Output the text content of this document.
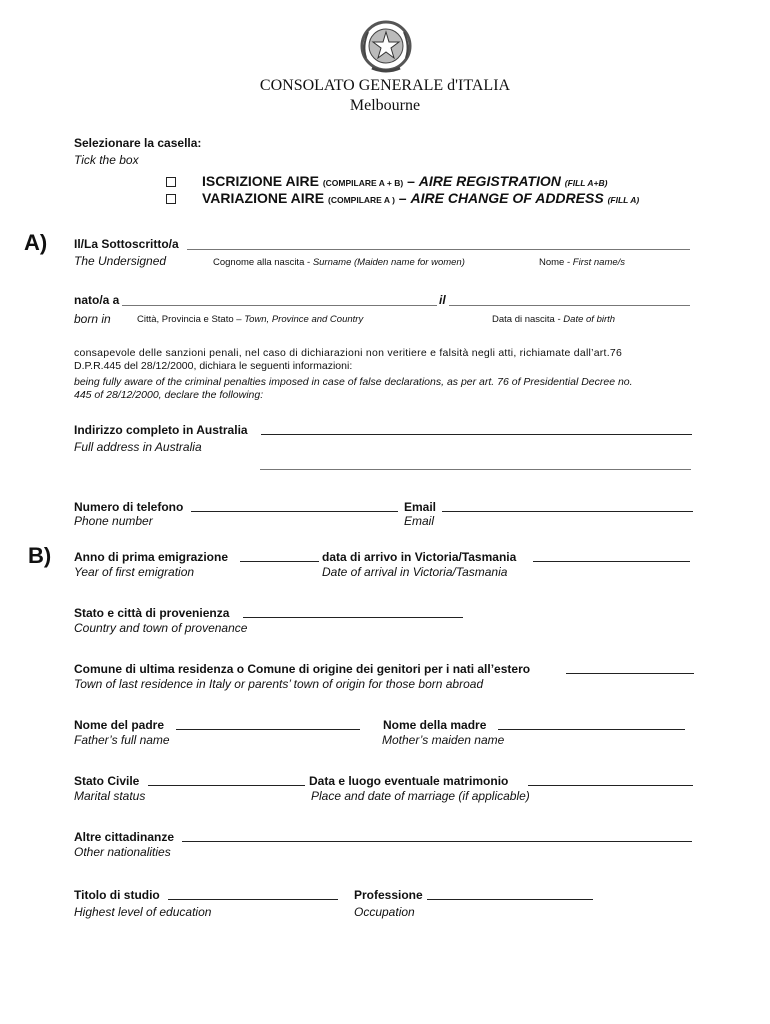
CONSOLATO GENERALE d'ITALIA
Melbourne
Selezionare la casella:
Tick the box
ISCRIZIONE AIRE (COMPILARE A + B) – AIRE REGISTRATION (FILL A+B)
VARIAZIONE AIRE (COMPILARE A ) – AIRE CHANGE OF ADDRESS (FILL A)
A) Il/La Sottoscritto/a
The Undersigned	Cognome alla nascita - Surname (Maiden name for women)	Nome - First name/s
nato/a a	il
born in	Città, Provincia e Stato – Town, Province and Country	Data di nascita - Date of birth
consapevole delle sanzioni penali, nel caso di dichiarazioni non veritiere e falsità negli atti, richiamate dall’art.76
D.P.R.445 del 28/12/2000, dichiara le seguenti informazioni:
being fully aware of the criminal penalties imposed in case of false declarations, as per art. 76 of Presidential Decree no.
445 of 28/12/2000, declare the following:
Indirizzo completo in Australia
Full address in Australia
Numero di telefono
Phone number
Email
Email
B) Anno di prima emigrazione
Year of first emigration
data di arrivo in Victoria/Tasmania
Date of arrival in Victoria/Tasmania
Stato e città di provenienza
Country and town of provenance
Comune di ultima residenza o Comune di origine dei genitori per i nati all’estero
Town of last residence in Italy or parents’ town of origin for those born abroad
Nome del padre
Father’s full name
Nome della madre
Mother’s maiden name
Stato Civile
Marital status
Data e luogo eventuale matrimonio
Place and date of marriage (if applicable)
Altre cittadinanze
Other nationalities
Titolo di studio
Highest level of education
Professione
Occupation
